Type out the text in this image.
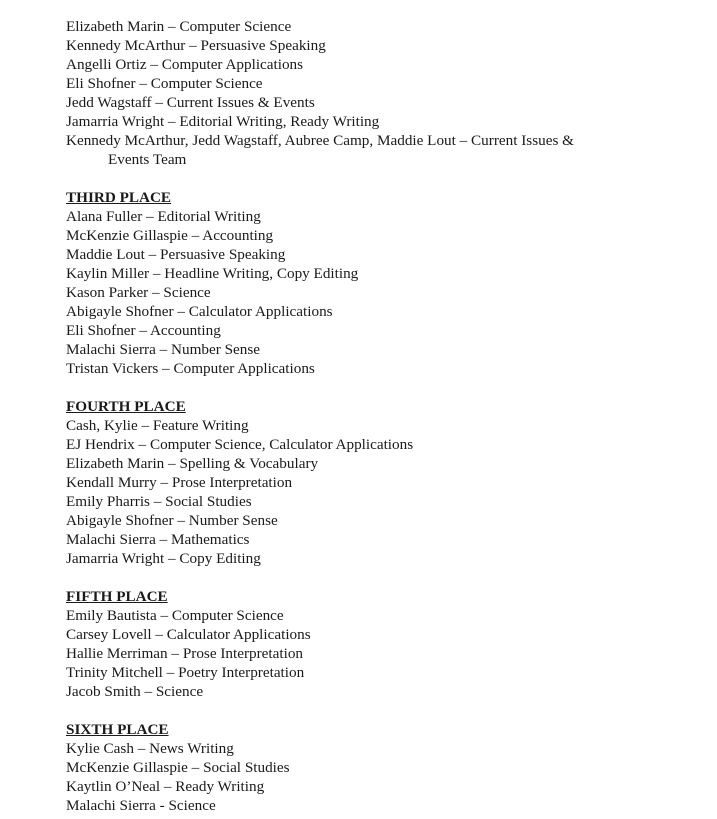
Elizabeth Marin – Computer Science
Kennedy McArthur – Persuasive Speaking
Angelli Ortiz – Computer Applications
Eli Shofner – Computer Science
Jedd Wagstaff – Current Issues & Events
Jamarria Wright – Editorial Writing, Ready Writing
Kennedy McArthur, Jedd Wagstaff, Aubree Camp, Maddie Lout – Current Issues &
Events Team
THIRD PLACE
Alana Fuller – Editorial Writing
McKenzie Gillaspie – Accounting
Maddie Lout – Persuasive Speaking
Kaylin Miller – Headline Writing, Copy Editing
Kason Parker – Science
Abigayle Shofner – Calculator Applications
Eli Shofner – Accounting
Malachi Sierra – Number Sense
Tristan Vickers – Computer Applications
FOURTH PLACE
Cash, Kylie – Feature Writing
EJ Hendrix – Computer Science, Calculator Applications
Elizabeth Marin – Spelling & Vocabulary
Kendall Murry – Prose Interpretation
Emily Pharris – Social Studies
Abigayle Shofner – Number Sense
Malachi Sierra – Mathematics
Jamarria Wright – Copy Editing
FIFTH PLACE
Emily Bautista – Computer Science
Carsey Lovell – Calculator Applications
Hallie Merriman – Prose Interpretation
Trinity Mitchell – Poetry Interpretation
Jacob Smith – Science
SIXTH PLACE
Kylie Cash – News Writing
McKenzie Gillaspie – Social Studies
Kaytlin O’Neal – Ready Writing
Malachi Sierra - Science
